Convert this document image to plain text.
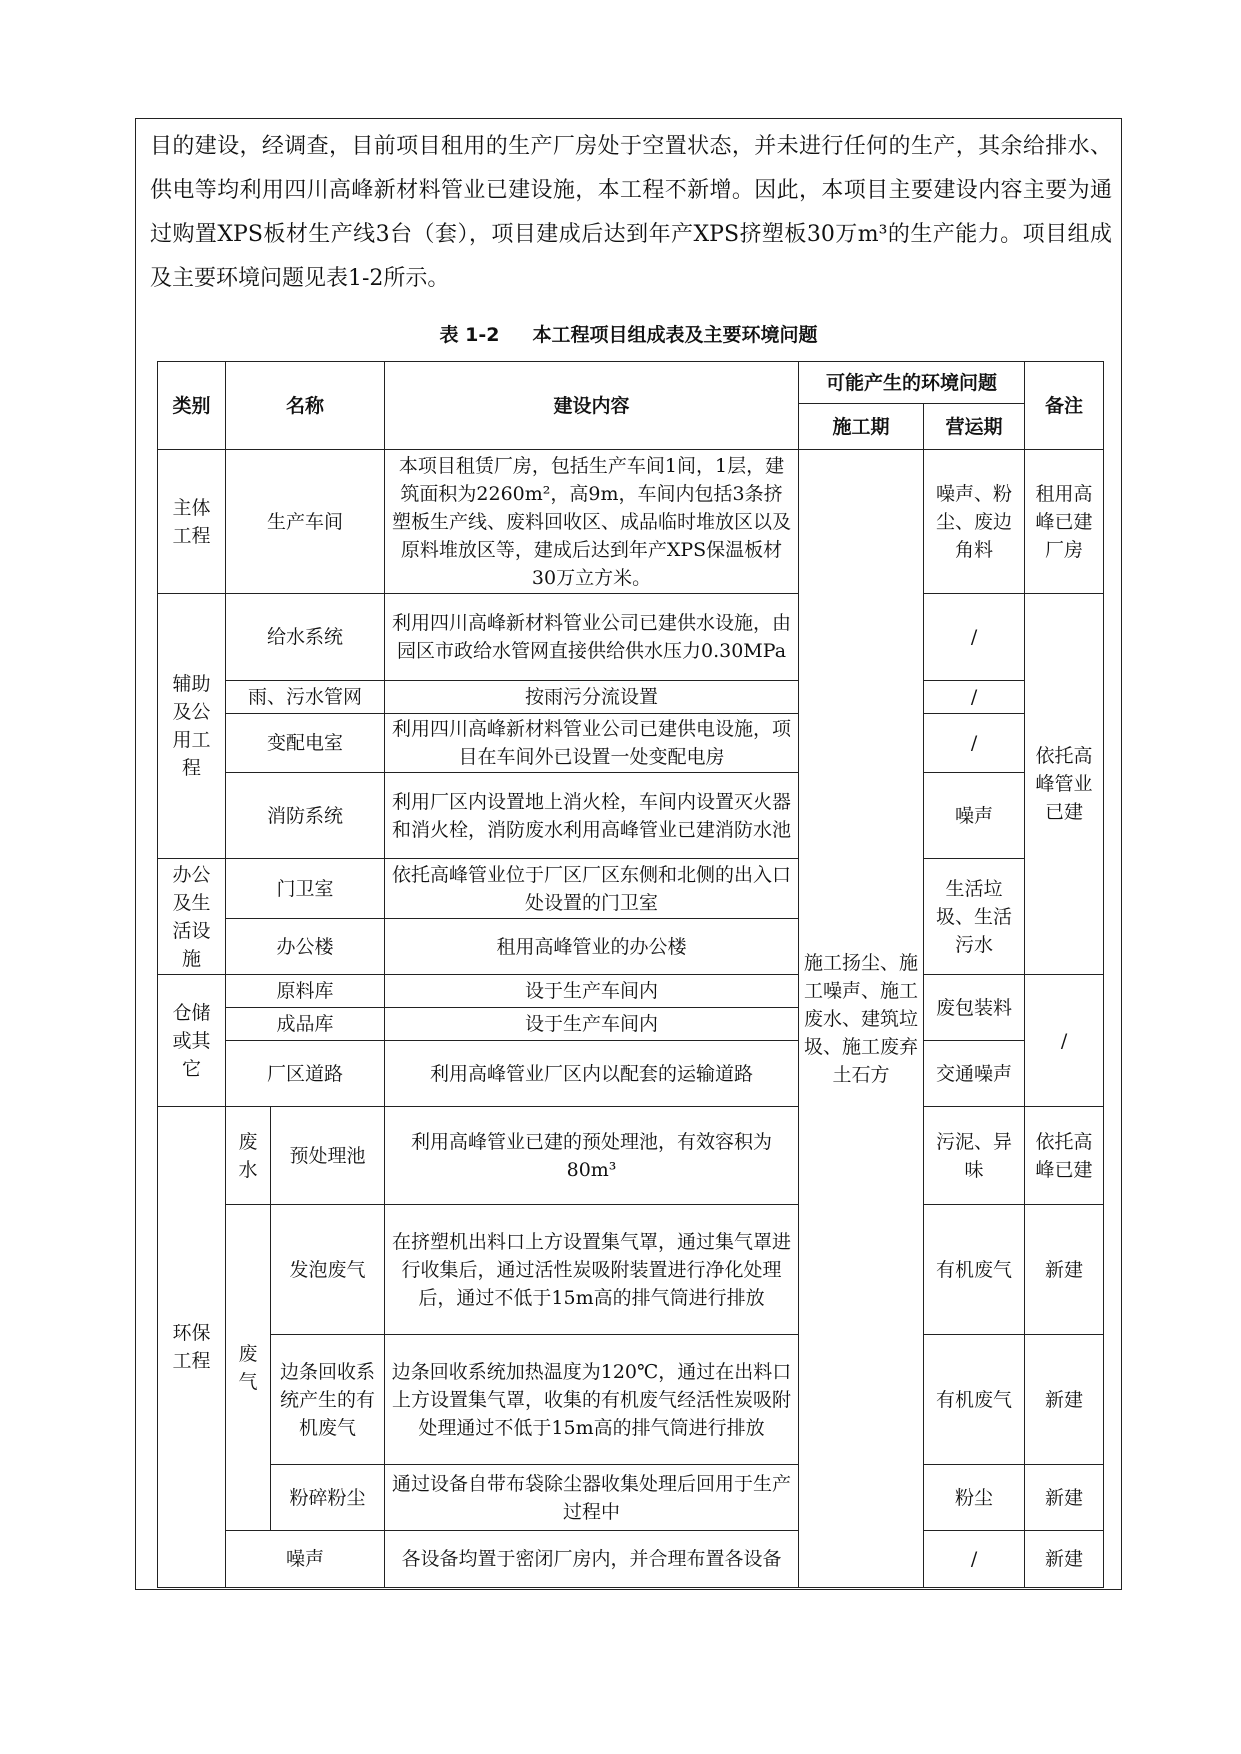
目的建设，经调查，目前项目租用的生产厂房处于空置状态，并未进行任何的生产，其余给排水、供电等均利用四川高峰新材料管业已建设施，本工程不新增。因此，本项目主要建设内容主要为通过购置XPS板材生产线3台（套），项目建成后达到年产XPS挤塑板30万m³的生产能力。项目组成及主要环境问题见表1-2所示。

表 1-2     本工程项目组成表及主要环境问题
类别	名称		建设内容	可能产生的环境问题		备注
				施工期	营运期	
主体工程	生产车间		本项目租赁厂房，包括生产车间1间，1层，建筑面积为2260m²，高9m，车间内包括3条挤塑板生产线、废料回收区、成品临时堆放区以及原料堆放区等，建成后达到年产XPS保温板材30万立方米。	施工扬尘、施工噪声、施工废水、建筑垃圾、施工废弃土石方	噪声、粉尘、废边角料	租用高峰已建厂房
辅助及公用工程	给水系统		利用四川高峰新材料管业公司已建供水设施，由园区市政给水管网直接供给供水压力0.30MPa		/	依托高峰管业已建
	雨、污水管网		按雨污分流设置		/	
	变配电室		利用四川高峰新材料管业公司已建供电设施，项目在车间外已设置一处变配电房		/	
	消防系统		利用厂区内设置地上消火栓，车间内设置灭火器和消火栓，消防废水利用高峰管业已建消防水池		噪声	
办公及生活设施	门卫室		依托高峰管业位于厂区厂区东侧和北侧的出入口处设置的门卫室		生活垃圾、生活污水	
	办公楼		租用高峰管业的办公楼			
仓储或其它	原料库		设于生产车间内		废包装料	/
	成品库		设于生产车间内			
	厂区道路		利用高峰管业厂区内以配套的运输道路		交通噪声	
环保工程	废水	预处理池	利用高峰管业已建的预处理池，有效容积为80m³		污泥、异味	依托高峰已建
	废气	发泡废气	在挤塑机出料口上方设置集气罩，通过集气罩进行收集后，通过活性炭吸附装置进行净化处理后，通过不低于15m高的排气筒进行排放		有机废气	新建
		边条回收系统产生的有机废气	边条回收系统加热温度为120℃，通过在出料口上方设置集气罩，收集的有机废气经活性炭吸附处理通过不低于15m高的排气筒进行排放		有机废气	新建
		粉碎粉尘	通过设备自带布袋除尘器收集处理后回用于生产过程中		粉尘	新建
	噪声		各设备均置于密闭厂房内，并合理布置各设备		/	新建
